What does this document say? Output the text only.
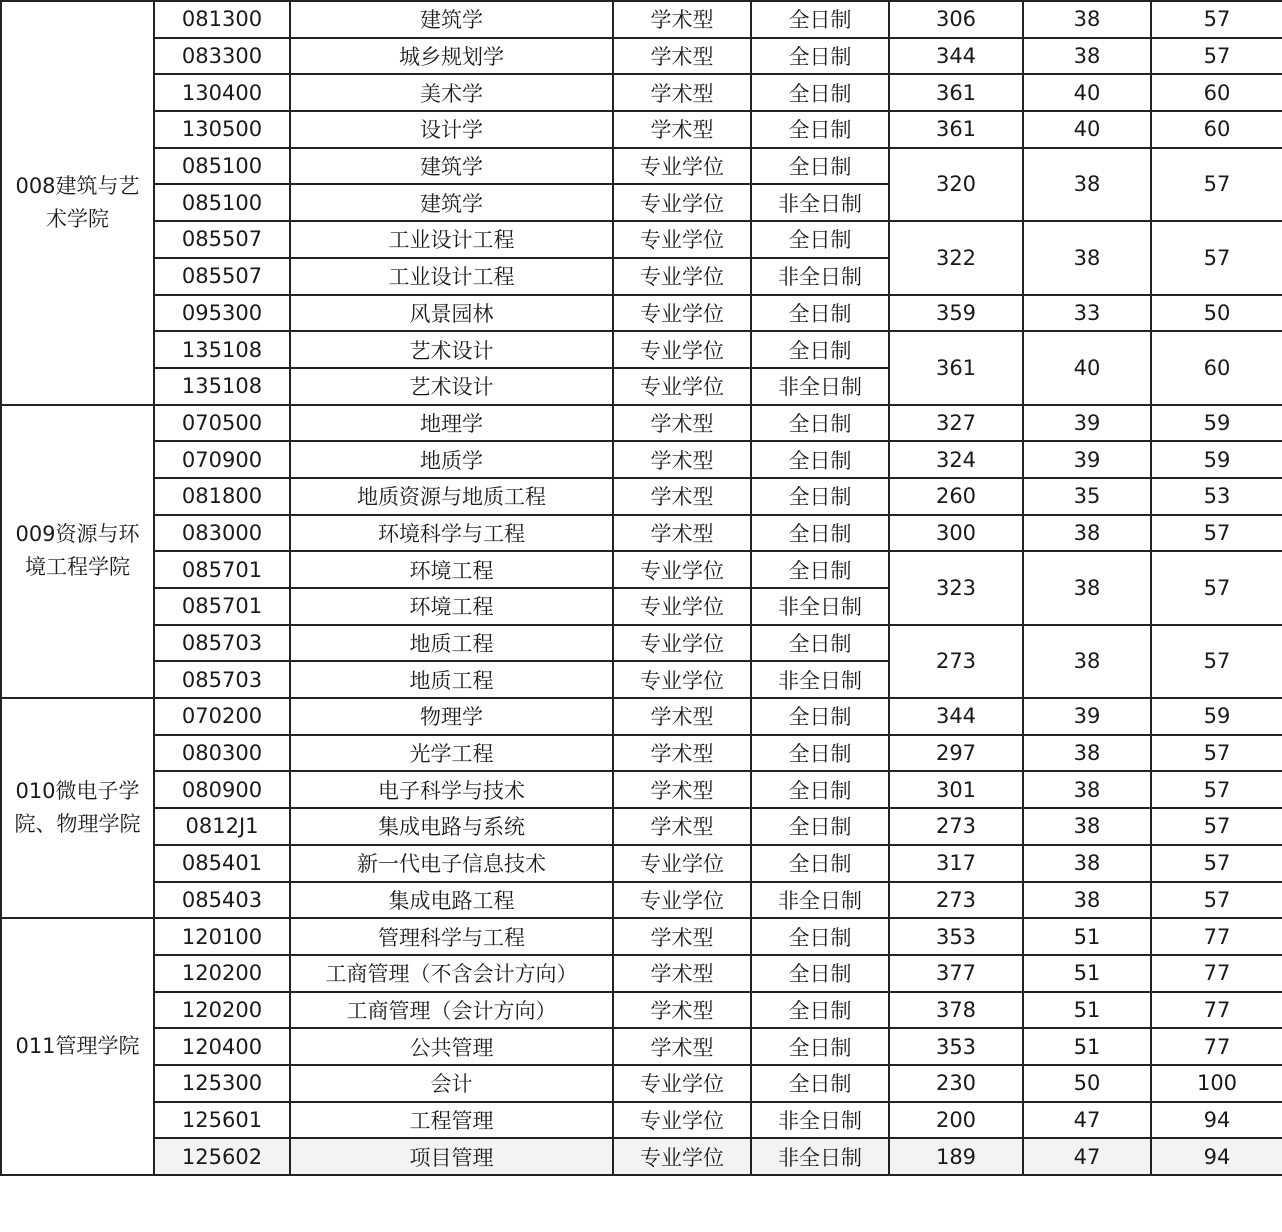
008建筑与艺术学院	081300	建筑学	学术型	全日制	306	38	57
	083300	城乡规划学	学术型	全日制	344	38	57
	130400	美术学	学术型	全日制	361	40	60
	130500	设计学	学术型	全日制	361	40	60
	085100	建筑学	专业学位	全日制	320	38	57
	085100	建筑学	专业学位	非全日制			
	085507	工业设计工程	专业学位	全日制	322	38	57
	085507	工业设计工程	专业学位	非全日制			
	095300	风景园林	专业学位	全日制	359	33	50
	135108	艺术设计	专业学位	全日制	361	40	60
	135108	艺术设计	专业学位	非全日制			
009资源与环境工程学院	070500	地理学	学术型	全日制	327	39	59
	070900	地质学	学术型	全日制	324	39	59
	081800	地质资源与地质工程	学术型	全日制	260	35	53
	083000	环境科学与工程	学术型	全日制	300	38	57
	085701	环境工程	专业学位	全日制	323	38	57
	085701	环境工程	专业学位	非全日制			
	085703	地质工程	专业学位	全日制	273	38	57
	085703	地质工程	专业学位	非全日制			
010微电子学院、物理学院	070200	物理学	学术型	全日制	344	39	59
	080300	光学工程	学术型	全日制	297	38	57
	080900	电子科学与技术	学术型	全日制	301	38	57
	0812J1	集成电路与系统	学术型	全日制	273	38	57
	085401	新一代电子信息技术	专业学位	全日制	317	38	57
	085403	集成电路工程	专业学位	非全日制	273	38	57
011管理学院	120100	管理科学与工程	学术型	全日制	353	51	77
	120200	工商管理（不含会计方向）	学术型	全日制	377	51	77
	120200	工商管理（会计方向）	学术型	全日制	378	51	77
	120400	公共管理	学术型	全日制	353	51	77
	125300	会计	专业学位	全日制	230	50	100
	125601	工程管理	专业学位	非全日制	200	47	94
	125602	项目管理	专业学位	非全日制	189	47	94
